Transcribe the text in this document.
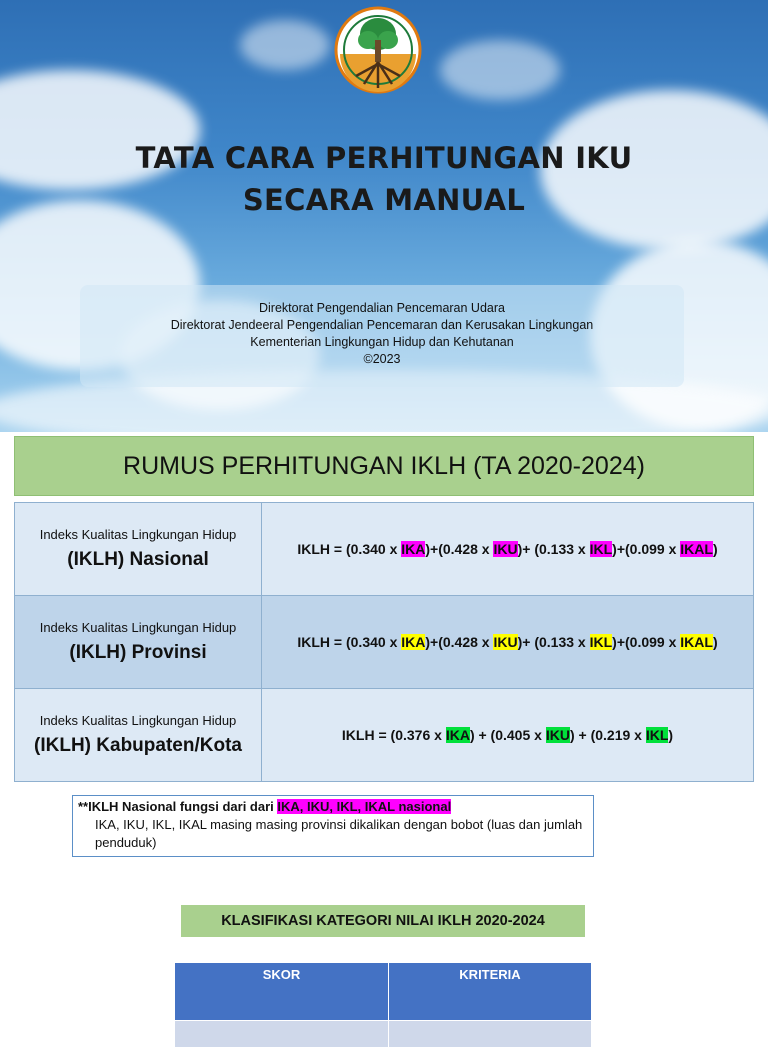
TATA CARA PERHITUNGAN IKU
SECARA MANUAL
Direktorat Pengendalian Pencemaran Udara
Direktorat Jendeeral Pengendalian Pencemaran dan Kerusakan Lingkungan
Kementerian Lingkungan Hidup dan Kehutanan
©2023
RUMUS PERHITUNGAN IKLH (TA 2020-2024)
Indeks Kualitas Lingkungan Hidup
(IKLH) Nasional	IKLH = (0.340 x IKA)+(0.428 x IKU)+ (0.133 x IKL)+(0.099 x IKAL)

Indeks Kualitas Lingkungan Hidup
(IKLH) Provinsi	IKLH = (0.340 x IKA)+(0.428 x IKU)+ (0.133 x IKL)+(0.099 x IKAL)

Indeks Kualitas Lingkungan Hidup
(IKLH) Kabupaten/Kota	IKLH = (0.376 x IKA) + (0.405 x IKU) + (0.219 x IKL)
**IKLH Nasional fungsi dari dari IKA, IKU, IKL, IKAL nasional
IKA, IKU, IKL, IKAL masing masing provinsi dikalikan dengan bobot (luas dan jumlah penduduk)
KLASIFIKASI KATEGORI NILAI IKLH 2020-2024
SKOR	KRITERIA
